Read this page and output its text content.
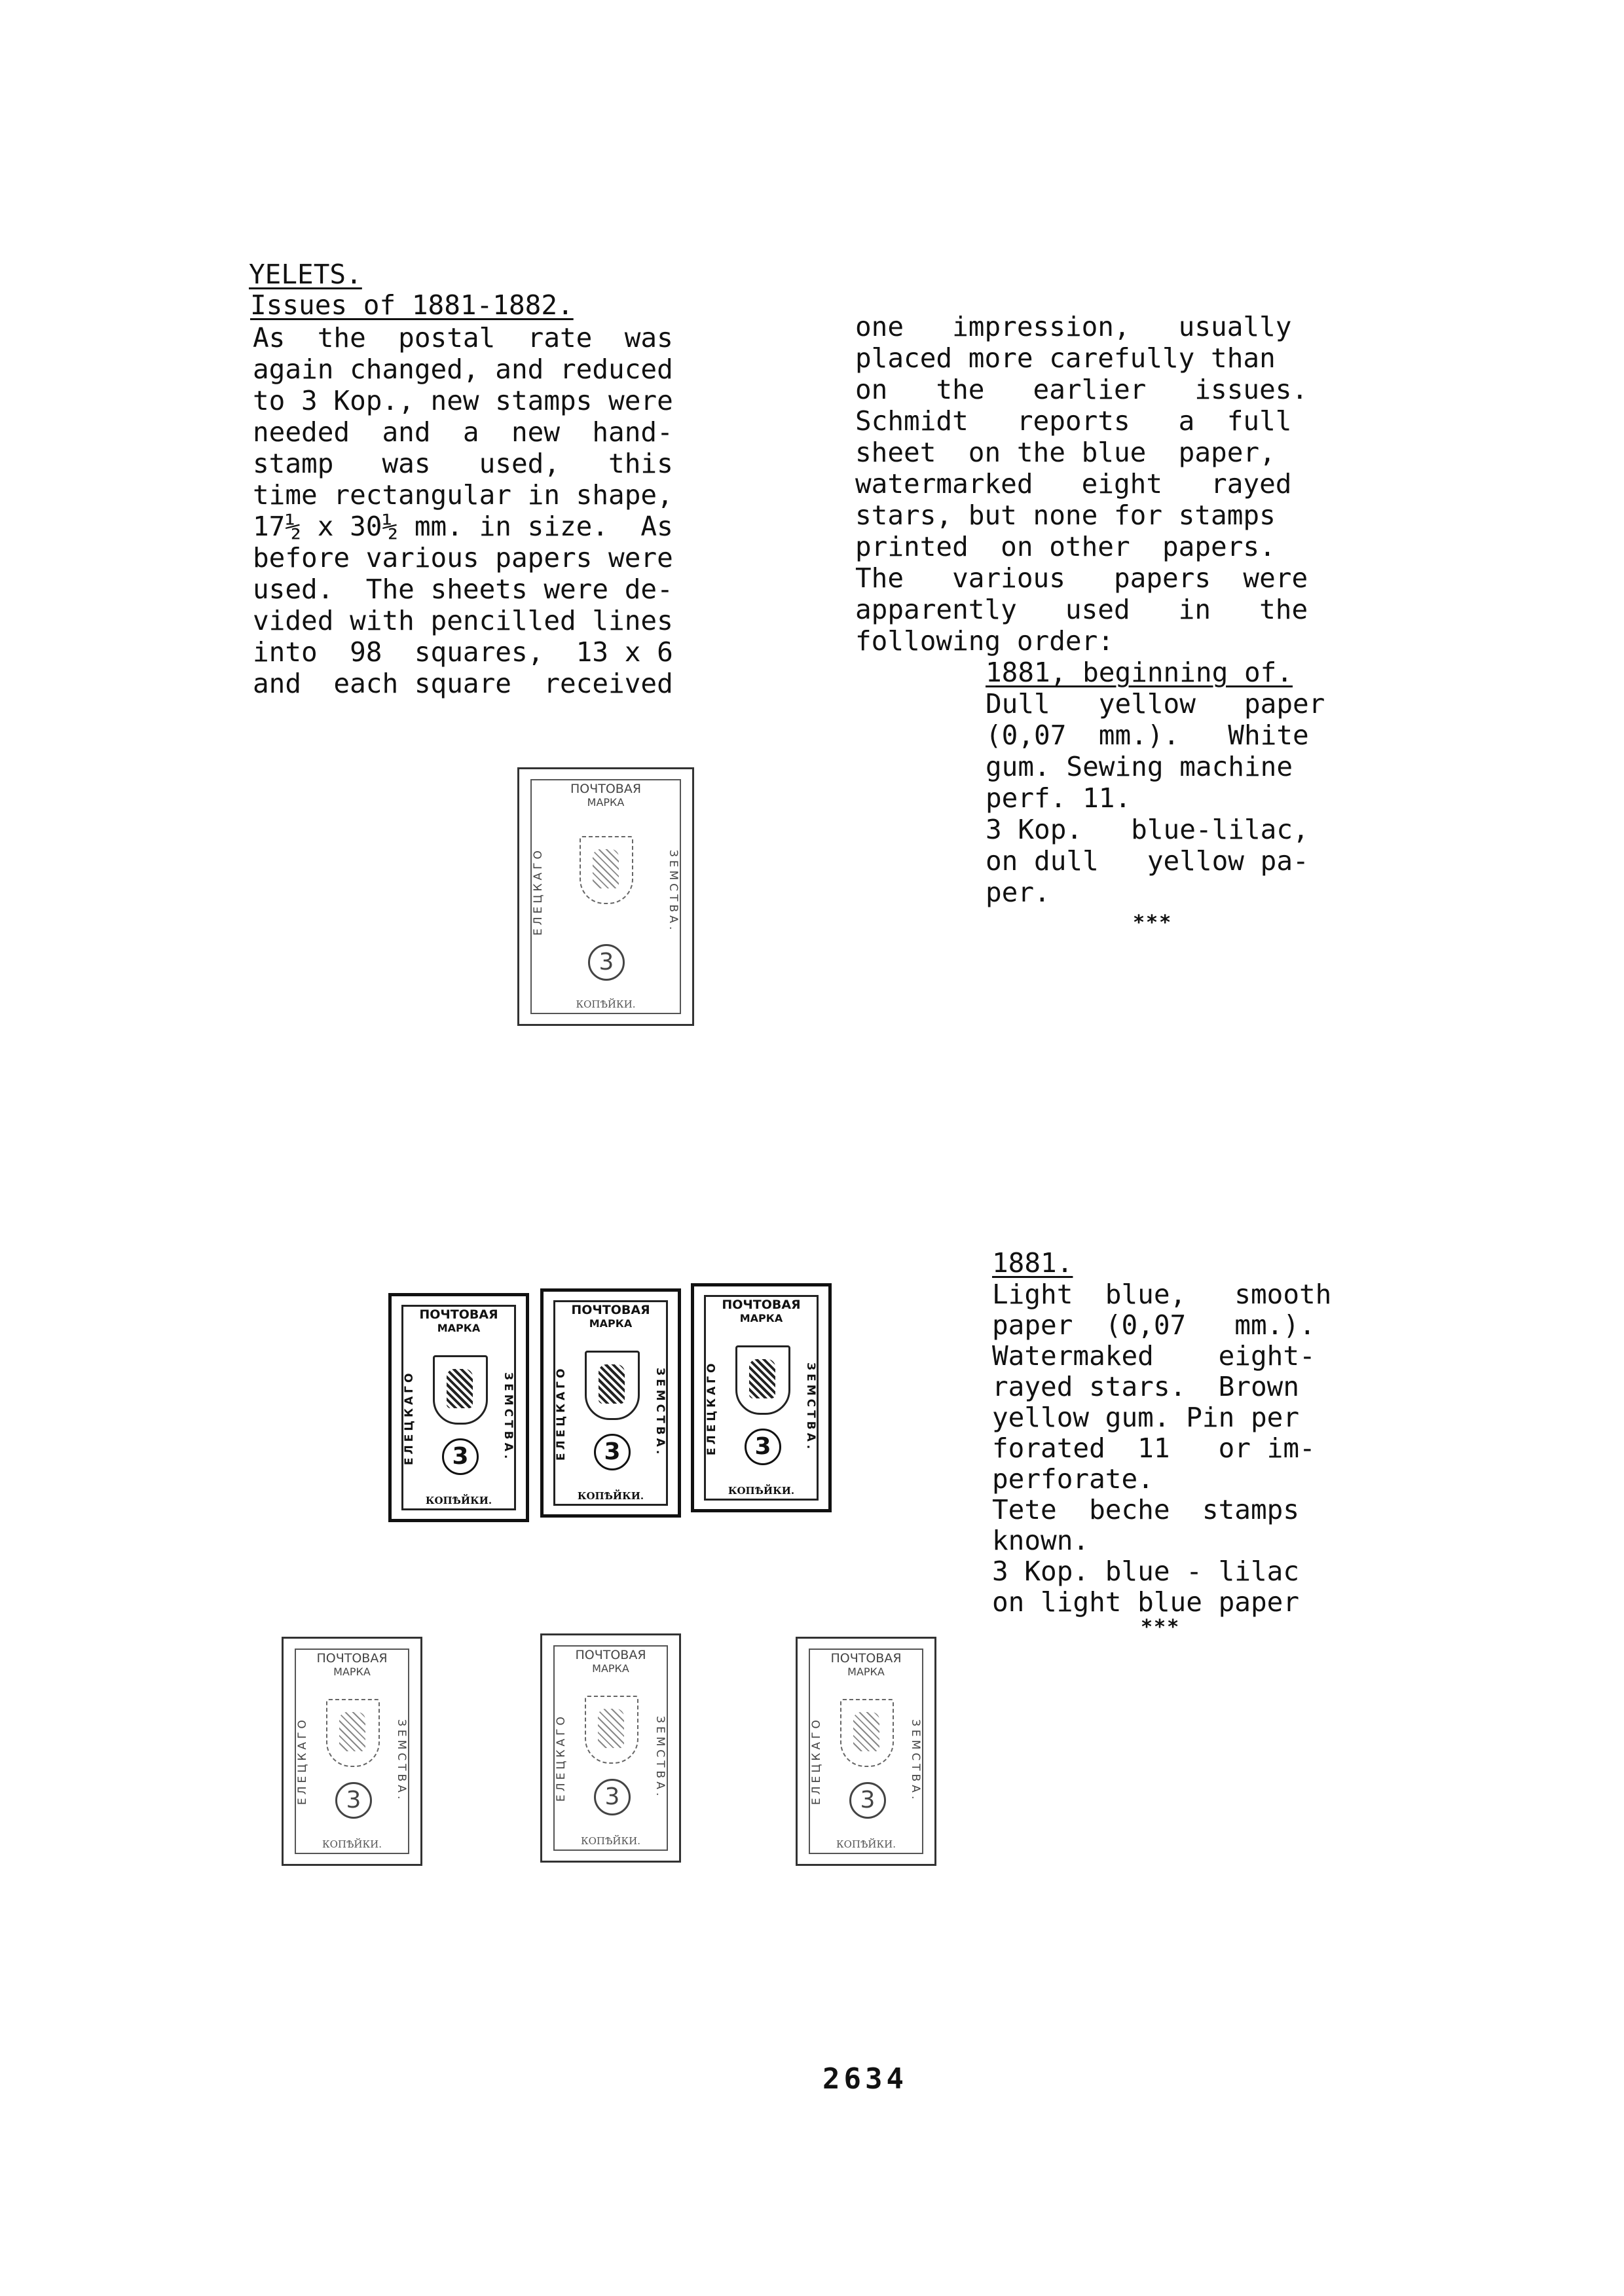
YELETS.
Issues of 1881-1882.
As  the  postal  rate  was
again changed, and reduced
to 3 Kop., new stamps were
needed  and  a  new  hand-
stamp   was   used,   this
time rectangular in shape,
17½ x 30½ mm. in size.  As
before various papers were
used.  The sheets were de-
vided with pencilled lines
into  98  squares,  13 x 6
and  each square  received
one   impression,   usually
placed more carefully than
on   the   earlier   issues.
Schmidt   reports   a  full
sheet  on the blue  paper,
watermarked   eight   rayed
stars, but none for stamps
printed  on other  papers.
The   various   papers  were
apparently   used   in   the
following order:
1881, beginning of.
Dull   yellow   paper
(0,07  mm.).   White
gum. Sewing machine
perf. 11.
3 Kop.   blue-lilac,
on dull   yellow pa-
per.
***
1881.
Light  blue,   smooth
paper  (0,07   mm.).
Watermaked    eight-
rayed stars.  Brown
yellow gum. Pin per
forated  11   or im-
perforate.
Tete  beche  stamps
known.
3 Kop. blue - lilac
on light blue paper
***
ПОЧТОВАЯ
МАРКА
ЕЛЕЦКАГО	ЗЕМСТВА.
3
КОПѢЙКИ.
ПОЧТОВАЯ
МАРКА
ЕЛЕЦКАГО	ЗЕМСТВА.
3
КОПѢЙКИ.
ПОЧТОВАЯ
МАРКА
ЕЛЕЦКАГО	ЗЕМСТВА.
3
КОПѢЙКИ.
ПОЧТОВАЯ
МАРКА
ЕЛЕЦКАГО	ЗЕМСТВА.
3
КОПѢЙКИ.
ПОЧТОВАЯ
МАРКА
ЕЛЕЦКАГО	ЗЕМСТВА.
3
КОПѢЙКИ.
ПОЧТОВАЯ
МАРКА
ЕЛЕЦКАГО	ЗЕМСТВА.
3
КОПѢЙКИ.
ПОЧТОВАЯ
МАРКА
ЕЛЕЦКАГО	ЗЕМСТВА.
3
КОПѢЙКИ.
2634
